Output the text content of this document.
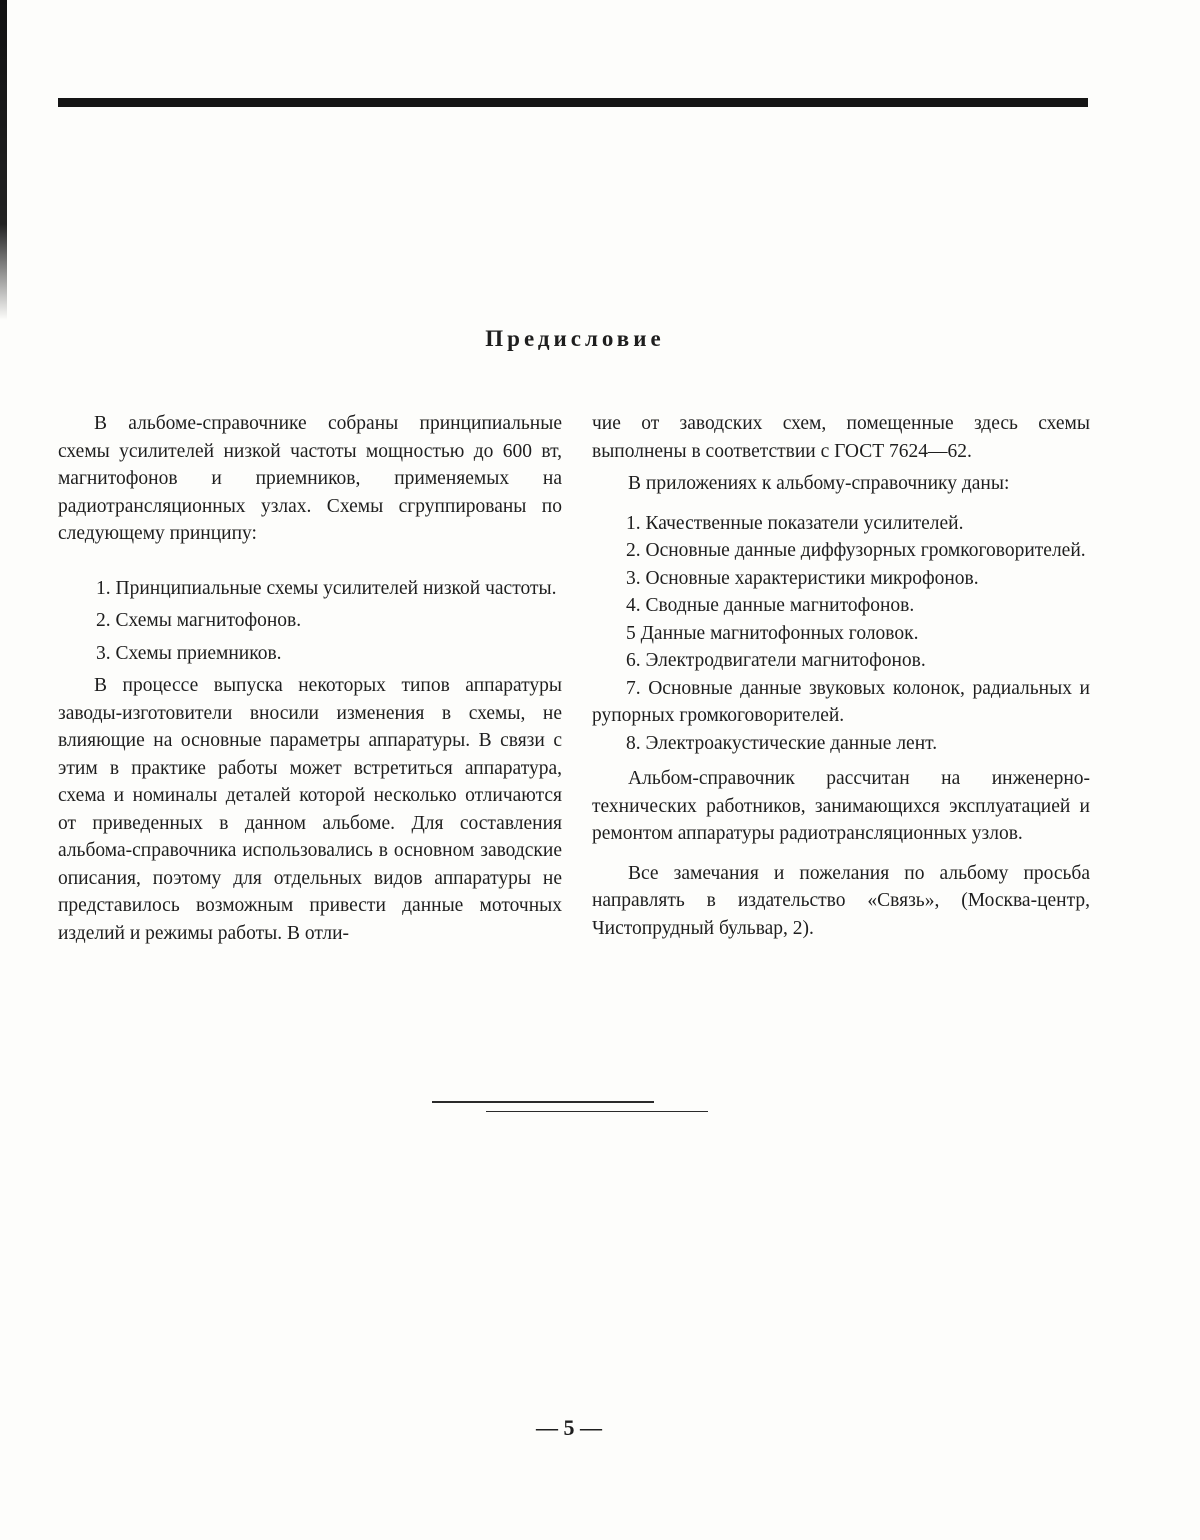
Предисловие

В альбоме-справочнике собраны принципиальные схемы усилителей низкой частоты мощностью до 600 вт, магнитофонов и приемников, применяемых на радиотрансляционных узлах. Схемы сгруппированы по следующему принципу:

1. Принципиальные схемы усилителей низкой частоты.

2. Схемы магнитофонов.

3. Схемы приемников.

В процессе выпуска некоторых типов аппаратуры заводы-изготовители вносили изменения в схемы, не влияющие на основные параметры аппаратуры. В связи с этим в практике работы может встретиться аппаратура, схема и номиналы деталей которой несколько отличаются от приведенных в данном альбоме. Для составления альбома-справочника использовались в основном заводские описания, поэтому для отдельных видов аппаратуры не представилось возможным привести данные моточных изделий и режимы работы. В отли-

чие от заводских схем, помещенные здесь схемы выполнены в соответствии с ГОСТ 7624—62.

В приложениях к альбому-справочнику даны:

1. Качественные показатели усилителей.

2. Основные данные диффузорных громкоговорителей.

3. Основные характеристики микрофонов.

4. Сводные данные магнитофонов.

5 Данные магнитофонных головок.

6. Электродвигатели магнитофонов.

7. Основные данные звуковых колонок, радиальных и рупорных громкоговорителей.

8. Электроакустические данные лент.

Альбом-справочник рассчитан на инженерно-технических работников, занимающихся эксплуатацией и ремонтом аппаратуры радиотрансляционных узлов.

Все замечания и пожелания по альбому просьба направлять в издательство «Связь», (Москва-центр, Чистопрудный бульвар, 2).

— 5 —
